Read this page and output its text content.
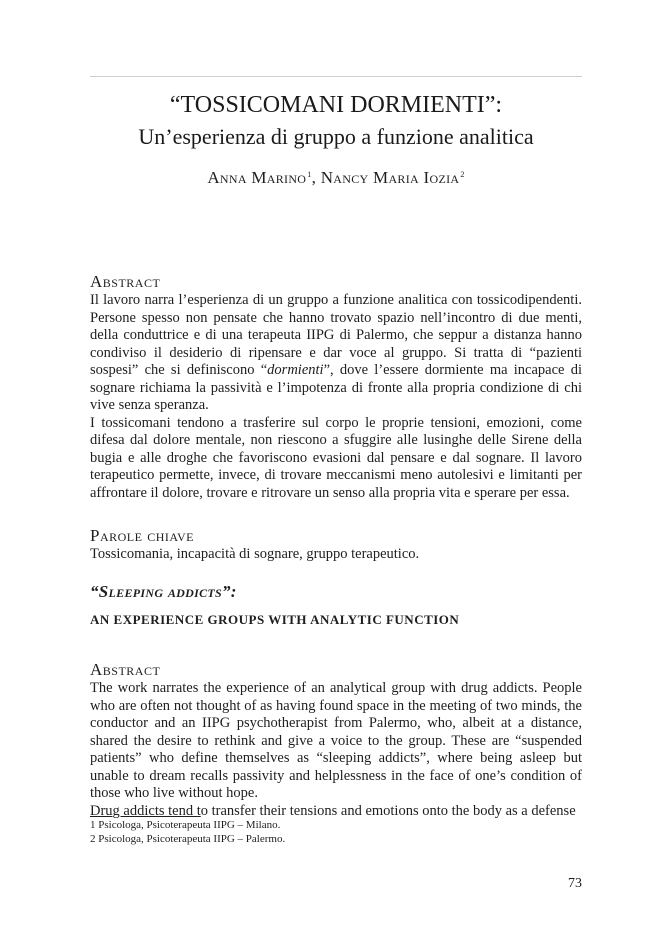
“TOSSICOMANI DORMIENTI”:
Un’esperienza di gruppo a funzione analitica
Anna Marino$^1$, Nancy Maria Iozia$^2$
Abstract

Il lavoro narra l’esperienza di un gruppo a funzione analitica con tossicodipendenti. Persone spesso non pensate che hanno trovato spazio nell’incontro di due menti, della conduttrice e di una terapeuta IIPG di Palermo, che seppur a distanza hanno condiviso il desiderio di ripensare e dar voce al gruppo. Si tratta di “pazienti sospesi” che si definiscono “dormienti”, dove l’essere dormiente ma incapace di sognare richiama la passività e l’impotenza di fronte alla propria condizione di chi vive senza speranza.

I tossicomani tendono a trasferire sul corpo le proprie tensioni, emozioni, come difesa dal dolore mentale, non riescono a sfuggire alle lusinghe delle Sirene della bugia e alle droghe che favoriscono evasioni dal pensare e dal sognare. Il lavoro terapeutico permette, invece, di trovare meccanismi meno autolesivi e limitanti per affrontare il dolore, trovare e ritrovare un senso alla propria vita e sperare per essa.

Parole chiave

Tossicomania, incapacità di sognare, gruppo terapeutico.

“Sleeping addicts”:
AN EXPERIENCE GROUPS WITH ANALYTIC FUNCTION
Abstract

The work narrates the experience of an analytical group with drug addicts. People who are often not thought of as having found space in the meeting of two minds, the conductor and an IIPG psychotherapist from Palermo, who, albeit at a distance, shared the desire to rethink and give a voice to the group. These are “suspended patients” who define themselves as “sleeping addicts”, where being asleep but unable to dream recalls passivity and helplessness in the face of one’s condition of those who live without hope.

Drug addicts tend to transfer their tensions and emotions onto the body as a defense

1 Psicologa, Psicoterapeuta IIPG – Milano.
2 Psicologa, Psicoterapeuta IIPG – Palermo.
73
